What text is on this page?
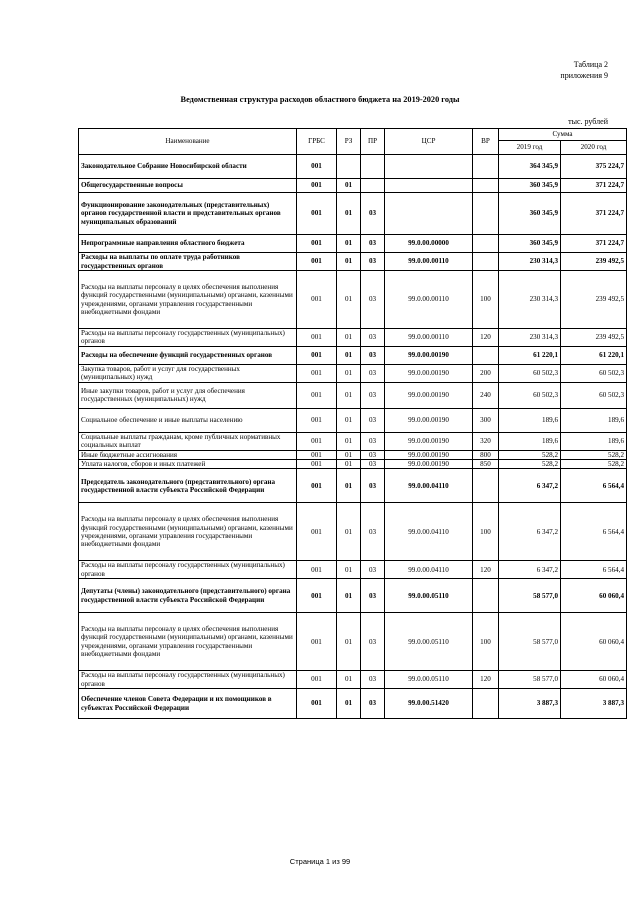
Таблица 2
приложения 9
Ведомственная структура расходов областного бюджета на 2019-2020 годы
тыс. рублей
Наименование	ГРБС	РЗ	ПР	ЦСР	ВР	Сумма	
						2019 год	2020 год
Законодательное Собрание Новосибирской области	001					364 345,9	375 224,7
Общегосударственные вопросы	001	01				360 345,9	371 224,7
Функционирование законодательных (представительных) органов государственной власти и представительных органов муниципальных образований	001	01	03			360 345,9	371 224,7
Непрограммные направления областного бюджета	001	01	03	99.0.00.00000		360 345,9	371 224,7
Расходы на выплаты по оплате труда работников государственных органов	001	01	03	99.0.00.00110		230 314,3	239 492,5
Расходы на выплаты персоналу в целях обеспечения выполнения функций государственными (муниципальными) органами, казенными учреждениями, органами управления государственными внебюджетными фондами	001	01	03	99.0.00.00110	100	230 314,3	239 492,5
Расходы на выплаты персоналу государственных (муниципальных) органов	001	01	03	99.0.00.00110	120	230 314,3	239 492,5
Расходы на обеспечение функций государственных органов	001	01	03	99.0.00.00190		61 220,1	61 220,1
Закупка товаров, работ и услуг для государственных (муниципальных) нужд	001	01	03	99.0.00.00190	200	60 502,3	60 502,3
Иные закупки товаров, работ и услуг для обеспечения государственных (муниципальных) нужд	001	01	03	99.0.00.00190	240	60 502,3	60 502,3
Социальное обеспечение и иные выплаты населению	001	01	03	99.0.00.00190	300	189,6	189,6
Социальные выплаты гражданам, кроме публичных нормативных социальных выплат	001	01	03	99.0.00.00190	320	189,6	189,6
Иные бюджетные ассигнования	001	01	03	99.0.00.00190	800	528,2	528,2
Уплата налогов, сборов и иных платежей	001	01	03	99.0.00.00190	850	528,2	528,2
Председатель законодательного (представительного) органа государственной власти субъекта Российской Федерации	001	01	03	99.0.00.04110		6 347,2	6 564,4
Расходы на выплаты персоналу в целях обеспечения выполнения функций государственными (муниципальными) органами, казенными учреждениями, органами управления государственными внебюджетными фондами	001	01	03	99.0.00.04110	100	6 347,2	6 564,4
Расходы на выплаты персоналу государственных (муниципальных) органов	001	01	03	99.0.00.04110	120	6 347,2	6 564,4
Депутаты (члены) законодательного (представительного) органа государственной власти субъекта Российской Федерации	001	01	03	99.0.00.05110		58 577,0	60 060,4
Расходы на выплаты персоналу в целях обеспечения выполнения функций государственными (муниципальными) органами, казенными учреждениями, органами управления государственными внебюджетными фондами	001	01	03	99.0.00.05110	100	58 577,0	60 060,4
Расходы на выплаты персоналу государственных (муниципальных) органов	001	01	03	99.0.00.05110	120	58 577,0	60 060,4
Обеспечение членов Совета Федерации и их помощников в субъектах Российской Федерации	001	01	03	99.0.00.51420		3 887,3	3 887,3
Страница 1 из 99
